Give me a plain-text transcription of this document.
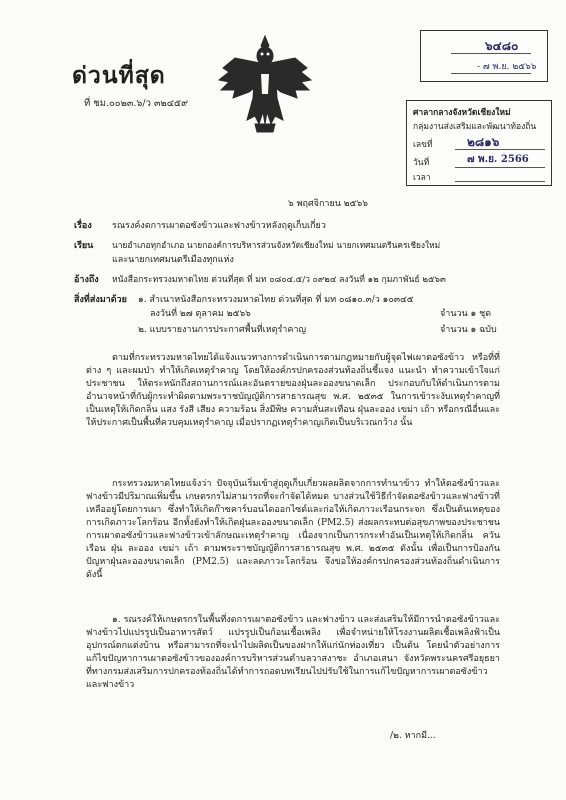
ด่วนที่สุด
ที่ ชม.๐๐๒๓.๖/ว ๓๒๔๕๙
๖๔๘๐
- ๗ พ.ย. ๒๕๖๖
ศาลากลางจังหวัดเชียงใหม่
กลุ่มงานส่งเสริมและพัฒนาท้องถิ่น
เลขที่	๒๘๑๖
วันที่	๗ พ.ย. 2566
เวลา
๖ พฤศจิกายน ๒๕๖๖
เรื่อง รณรงค์งดการเผาตอซังข้าวและฟางข้าวหลังฤดูเก็บเกี่ยว
เรียน นายอำเภอทุกอำเภอ นายกองค์การบริหารส่วนจังหวัดเชียงใหม่ นายกเทศมนตรีนครเชียงใหม่
และนายกเทศมนตรีเมืองทุกแห่ง
อ้างถึง หนังสือกระทรวงมหาดไทย ด่วนที่สุด ที่ มท ๐๘๐๔.๕/ว ๐๙๒๔ ลงวันที่ ๑๒ กุมภาพันธ์ ๒๕๖๓
สิ่งที่ส่งมาด้วย ๑. สำเนาหนังสือกระทรวงมหาดไทย ด่วนที่สุด ที่ มท ๐๘๑๐.๓/ว ๑๐๓๔๕
ลงวันที่ ๒๗ ตุลาคม ๒๕๖๖	จำนวน ๑ ชุด
๒. แบบรายงานการประกาศพื้นที่เหตุรำคาญ	จำนวน ๑ ฉบับ

ตามที่กระทรวงมหาดไทยได้แจ้งแนวทางการดำเนินการตามกฎหมายกับผู้จุดไฟเผาตอซังข้าว หรือที่ที่ต่าง ๆ และผมป่า ทำให้เกิดเหตุรำคาญ โดยให้องค์กรปกครองส่วนท้องถิ่นชี้แจง แนะนำ ทำความเข้าใจแก่ประชาชน ให้ตระหนักถึงสถานการณ์และอันตรายของฝุ่นละอองขนาดเล็ก ประกอบกับให้ดำเนินการตามอำนาจหน้าที่กับผู้กระทำผิดตามพระราชบัญญัติการสาธารณสุข พ.ศ. ๒๕๓๕ ในการเข้าระงับเหตุรำคาญที่เป็นเหตุให้เกิดกลิ่น แสง รังสี เสียง ความร้อน สิ่งมีพิษ ความสั่นสะเทือน ฝุ่นละออง เขม่า เถ้า หรือกรณีอื่นและให้ประกาศเป็นพื้นที่ควบคุมเหตุรำคาญ เมื่อปรากฏเหตุรำคาญเกิดเป็นบริเวณกว้าง นั้น

กระทรวงมหาดไทยแจ้งว่า ปัจจุบันเริ่มเข้าสู่ฤดูเก็บเกี่ยวผลผลิตจากการทำนาข้าว ทำให้ตอซังข้าวและฟางข้าวมีปริมาณเพิ่มขึ้น เกษตรกรไม่สามารถที่จะกำจัดได้หมด บางส่วนใช้วิธีกำจัดตอซังข้าวและฟางข้าวที่เหลืออยู่โดยการเผา ซึ่งทำให้เกิดก๊าซคาร์บอนไดออกไซด์และก่อให้เกิดภาวะเรือนกระจก ซึ่งเป็นต้นเหตุของการเกิดภาวะโลกร้อน อีกทั้งยังทำให้เกิดฝุ่นละอองขนาดเล็ก (PM2.5) ส่งผลกระทบต่อสุขภาพของประชาชน การเผาตอซังข้าวและฟางข้าวเข้าลักษณะเหตุรำคาญ เนื่องจากเป็นการกระทำอันเป็นเหตุให้เกิดกลิ่น ควันเรือน ฝุ่น ละออง เขม่า เถ้า ตามพระราชบัญญัติการสาธารณสุข พ.ศ. ๒๕๓๕ ดังนั้น เพื่อเป็นการป้องกันปัญหาฝุ่นละอองขนาดเล็ก (PM2.5) และลดภาวะโลกร้อน จึงขอให้องค์กรปกครองส่วนท้องถิ่นดำเนินการ ดังนี้

๑. รณรงค์ให้เกษตรกรในพื้นที่งดการเผาตอซังข้าว และฟางข้าว และส่งเสริมให้มีการนำตอซังข้าวและฟางข้าวไปแปรรูปเป็นอาหารสัตว์ แปรรูปเป็นก้อนเชื้อเพลิง เพื่อจำหน่ายให้โรงงานผลิตเชื้อเพลิงฟ้าเป็นอุปกรณ์ตกแต่งบ้าน หรือสามารถที่จะนำไปผลิตเป็นของฝากให้แก่นักท่องเที่ยว เป็นต้น โดยนำตัวอย่างการแก้ไขปัญหาการเผาตอซังข้าวขององค์การบริหารส่วนตำบลวาสงาชะ อำเภอเสนา จังหวัดพระนครศรีอยุธยา ที่ทางกรมส่งเสริมการปกครองท้องถิ่นได้ทำการถอดบทเรียนไปปรับใช้ในการแก้ไขปัญหาการเผาตอซังข้าวและฟางข้าว

/๒. หากมี...
